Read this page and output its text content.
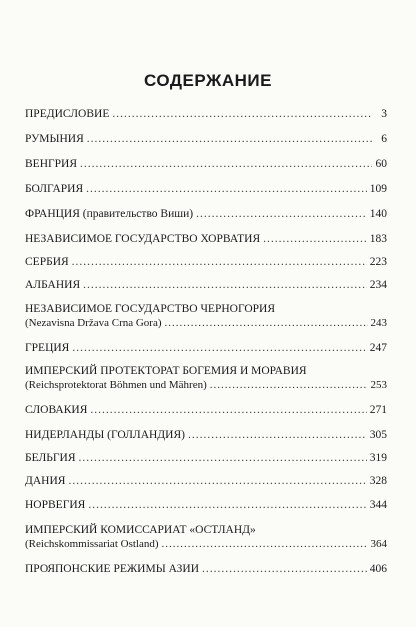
СОДЕРЖАНИЕ
ПРЕДИСЛОВИЕ .....	3
РУМЫНИЯ .....	6
ВЕНГРИЯ .....	60
БОЛГАРИЯ .....	109
ФРАНЦИЯ (правительство Виши) .....	140
НЕЗАВИСИМОЕ ГОСУДАРСТВО ХОРВАТИЯ .....	183
СЕРБИЯ .....	223
АЛБАНИЯ .....	234
НЕЗАВИСИМОЕ ГОСУДАРСТВО ЧЕРНОГОРИЯ
(Nezavisna Država Crna Gora) .....	243
ГРЕЦИЯ .....	247
ИМПЕРСКИЙ ПРОТЕКТОРАТ БОГЕМИЯ И МОРАВИЯ
(Reichsprotektorat Böhmen und Mähren) .....	253
СЛОВАКИЯ .....	271
НИДЕРЛАНДЫ (ГОЛЛАНДИЯ) .....	305
БЕЛЬГИЯ .....	319
ДАНИЯ .....	328
НОРВЕГИЯ .....	344
ИМПЕРСКИЙ КОМИССАРИАТ «ОСТЛАНД»
(Reichskommissariat Ostland) .....	364
ПРОЯПОНСКИЕ РЕЖИМЫ АЗИИ .....	406
